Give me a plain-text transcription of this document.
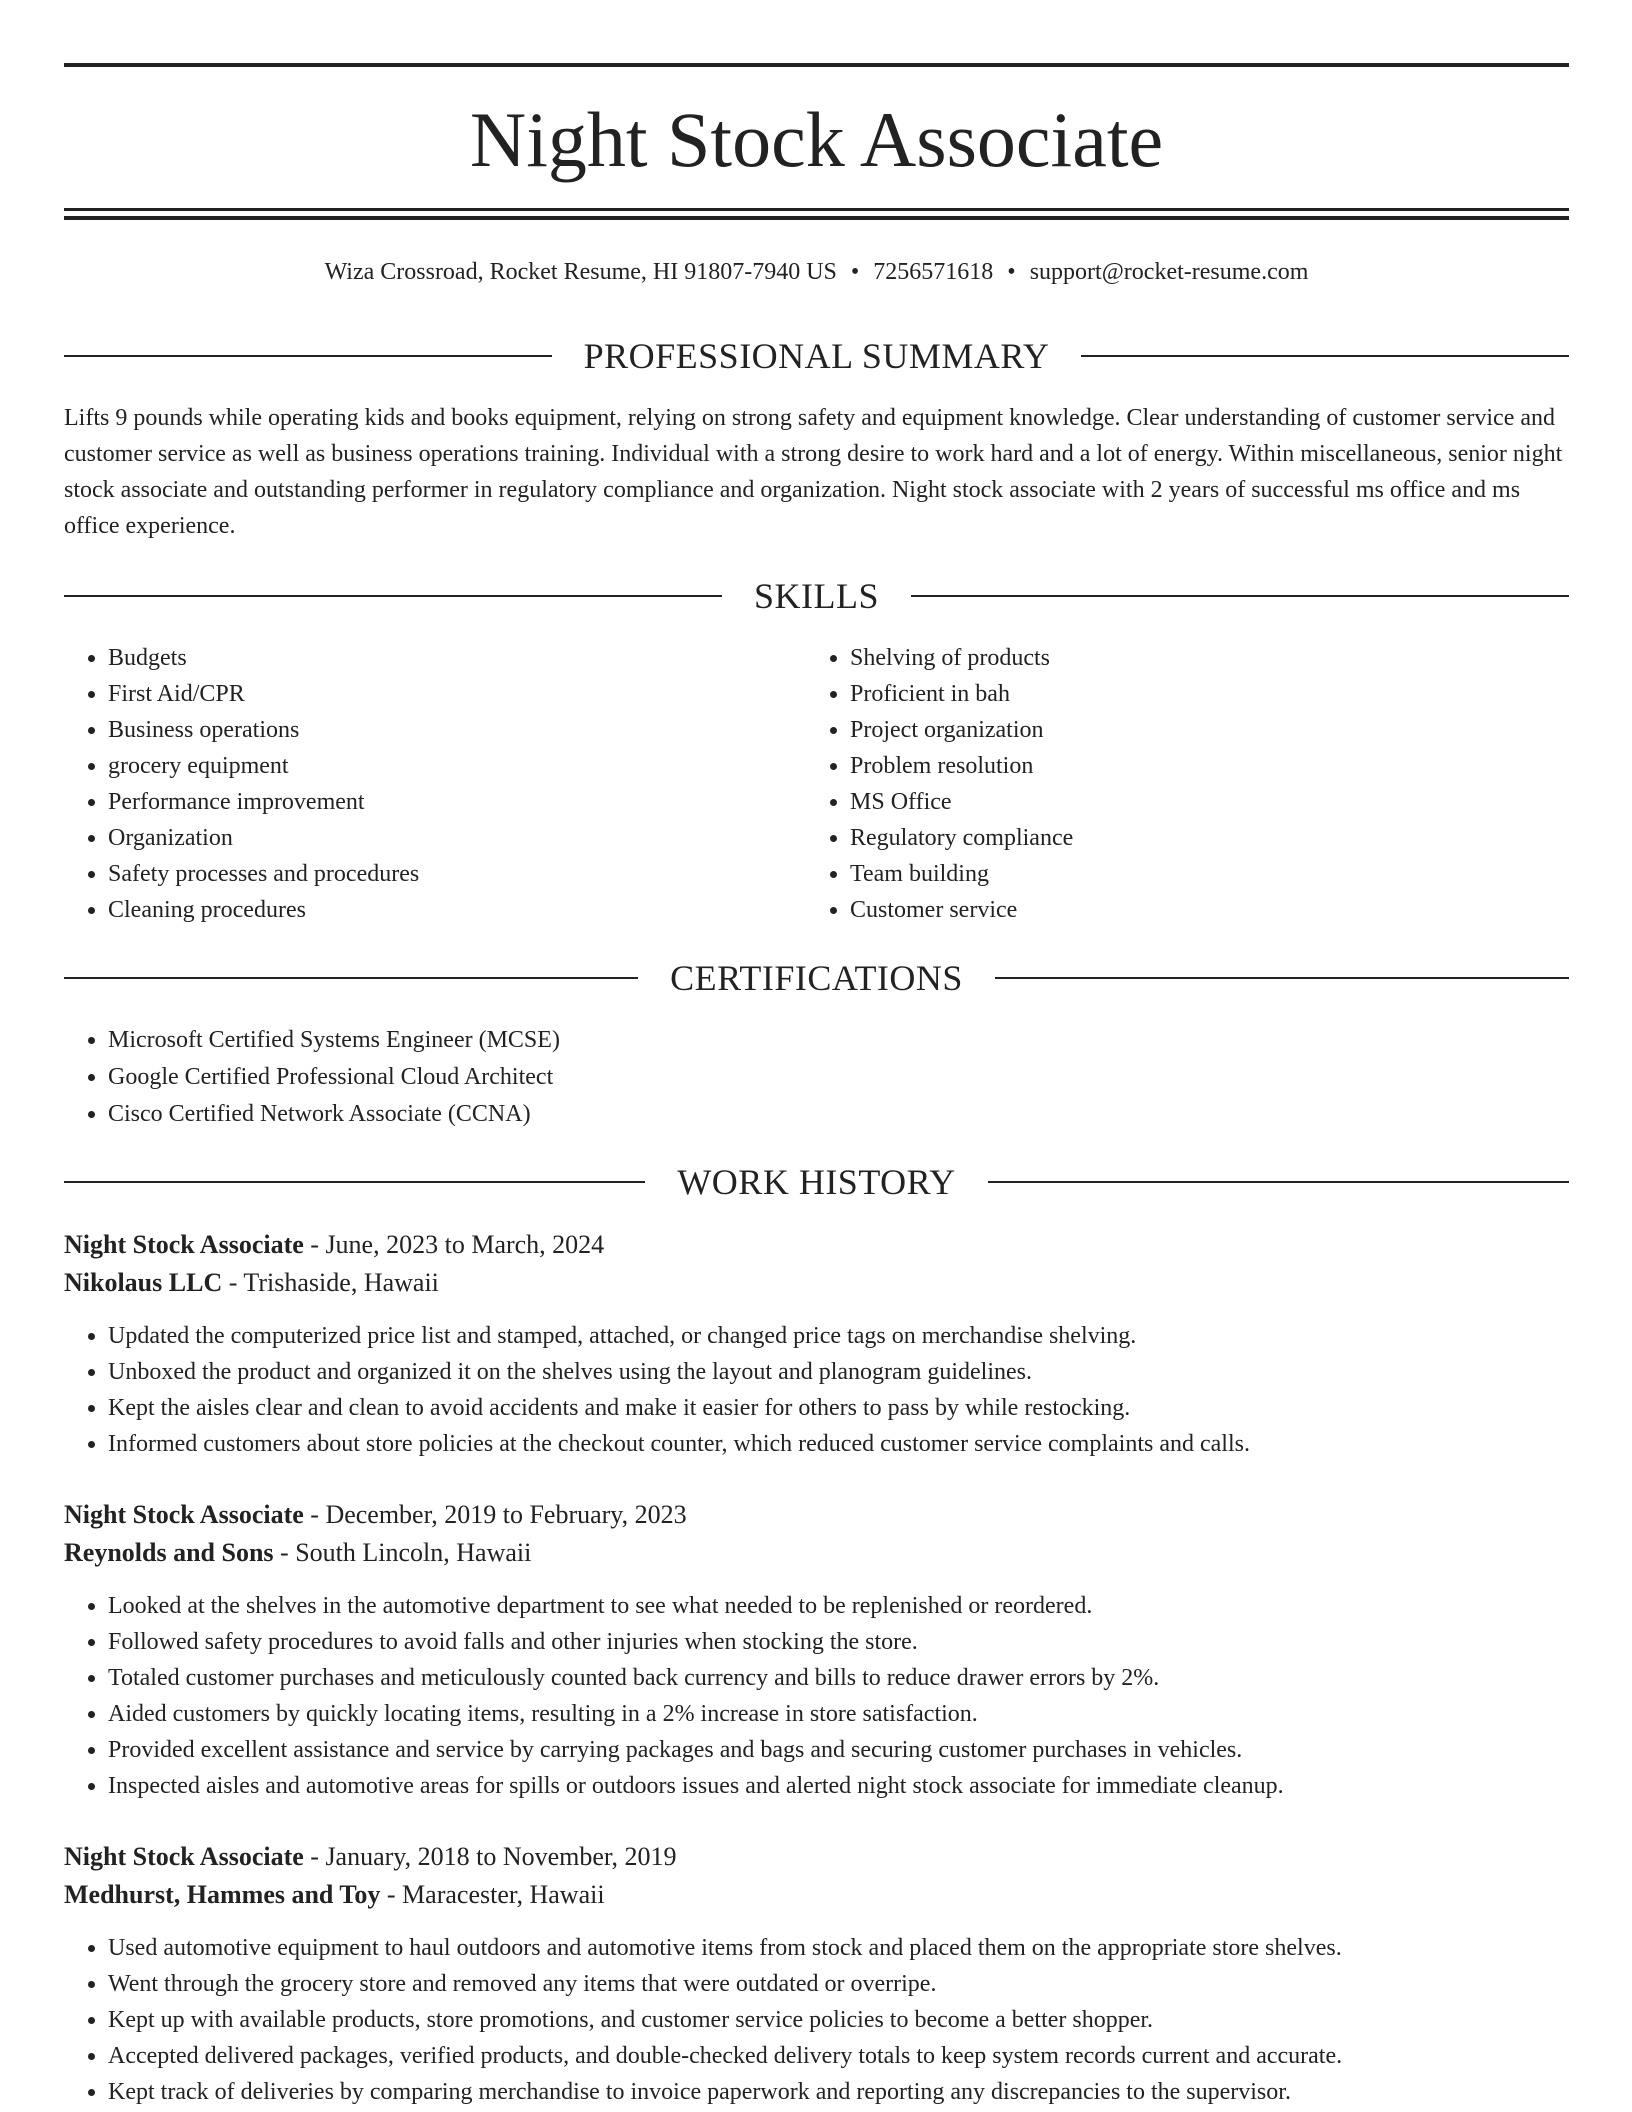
Night Stock Associate
Wiza Crossroad, Rocket Resume, HI 91807-7940 US • 7256571618 • support@rocket-resume.com
PROFESSIONAL SUMMARY

Lifts 9 pounds while operating kids and books equipment, relying on strong safety and equipment knowledge. Clear understanding of customer service and customer service as well as business operations training. Individual with a strong desire to work hard and a lot of energy. Within miscellaneous, senior night stock associate and outstanding performer in regulatory compliance and organization. Night stock associate with 2 years of successful ms office and ms office experience.

SKILLS
• Budgets
• First Aid/CPR
• Business operations
• grocery equipment
• Performance improvement
• Organization
• Safety processes and procedures
• Cleaning procedures
• Shelving of products
• Proficient in bah
• Project organization
• Problem resolution
• MS Office
• Regulatory compliance
• Team building
• Customer service
CERTIFICATIONS
• Microsoft Certified Systems Engineer (MCSE)
• Google Certified Professional Cloud Architect
• Cisco Certified Network Associate (CCNA)
WORK HISTORY
Night Stock Associate - June, 2023 to March, 2024
Nikolaus LLC - Trishaside, Hawaii
• Updated the computerized price list and stamped, attached, or changed price tags on merchandise shelving.
• Unboxed the product and organized it on the shelves using the layout and planogram guidelines.
• Kept the aisles clear and clean to avoid accidents and make it easier for others to pass by while restocking.
• Informed customers about store policies at the checkout counter, which reduced customer service complaints and calls.
Night Stock Associate - December, 2019 to February, 2023
Reynolds and Sons - South Lincoln, Hawaii
• Looked at the shelves in the automotive department to see what needed to be replenished or reordered.
• Followed safety procedures to avoid falls and other injuries when stocking the store.
• Totaled customer purchases and meticulously counted back currency and bills to reduce drawer errors by 2%.
• Aided customers by quickly locating items, resulting in a 2% increase in store satisfaction.
• Provided excellent assistance and service by carrying packages and bags and securing customer purchases in vehicles.
• Inspected aisles and automotive areas for spills or outdoors issues and alerted night stock associate for immediate cleanup.
Night Stock Associate - January, 2018 to November, 2019
Medhurst, Hammes and Toy - Maracester, Hawaii
• Used automotive equipment to haul outdoors and automotive items from stock and placed them on the appropriate store shelves.
• Went through the grocery store and removed any items that were outdated or overripe.
• Kept up with available products, store promotions, and customer service policies to become a better shopper.
• Accepted delivered packages, verified products, and double-checked delivery totals to keep system records current and accurate.
• Kept track of deliveries by comparing merchandise to invoice paperwork and reporting any discrepancies to the supervisor.
